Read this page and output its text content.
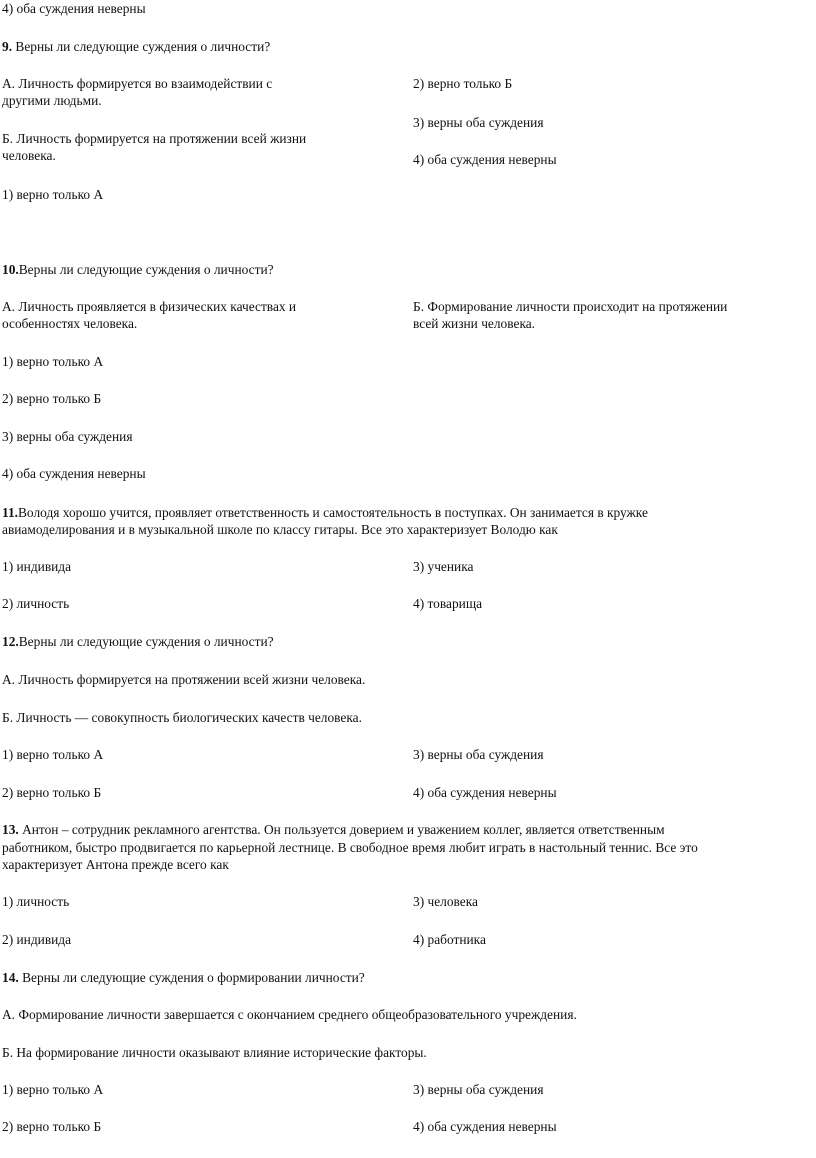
4) оба суждения неверны
9. Верны ли следующие суждения о личности?
А. Личность формируется во взаимодействии с
другими людьми.
Б. Личность формируется на протяжении всей жизни
человека.
1) верно только А
2) верно только Б
3) верны оба суждения
4) оба суждения неверны
10.Верны ли следующие суждения о личности?
А. Личность проявляется в физических качествах и
особенностях человека.
Б. Формирование личности происходит на протяжении
всей жизни человека.
1) верно только А
2) верно только Б
3) верны оба суждения
4) оба суждения неверны
11.Володя хорошо учится, проявляет ответственность и самостоятельность в поступках. Он занимается в кружке
авиамоделирования и в музыкальной школе по классу гитары. Все это характеризует Володю как
1) индивида
2) личность
3) ученика
4) товарища
12.Верны ли следующие суждения о личности?
А. Личность формируется на протяжении всей жизни человека.
Б. Личность — совокупность биологических качеств человека.
1) верно только А
2) верно только Б
3) верны оба суждения
4) оба суждения неверны
13. Антон – сотрудник рекламного агентства. Он пользуется доверием и уважением коллег, является ответственным
работником, быстро продвигается по карьерной лестнице. В свободное время любит играть в настольный теннис. Все это
характеризует Антона прежде всего как
1) личность
2) индивида
3) человека
4) работника
14. Верны ли следующие суждения о формировании личности?
А. Формирование личности завершается с окончанием среднего общеобразовательного учреждения.
Б. На формирование личности оказывают влияние исторические факторы.
1) верно только А
2) верно только Б
3) верны оба суждения
4) оба суждения неверны
